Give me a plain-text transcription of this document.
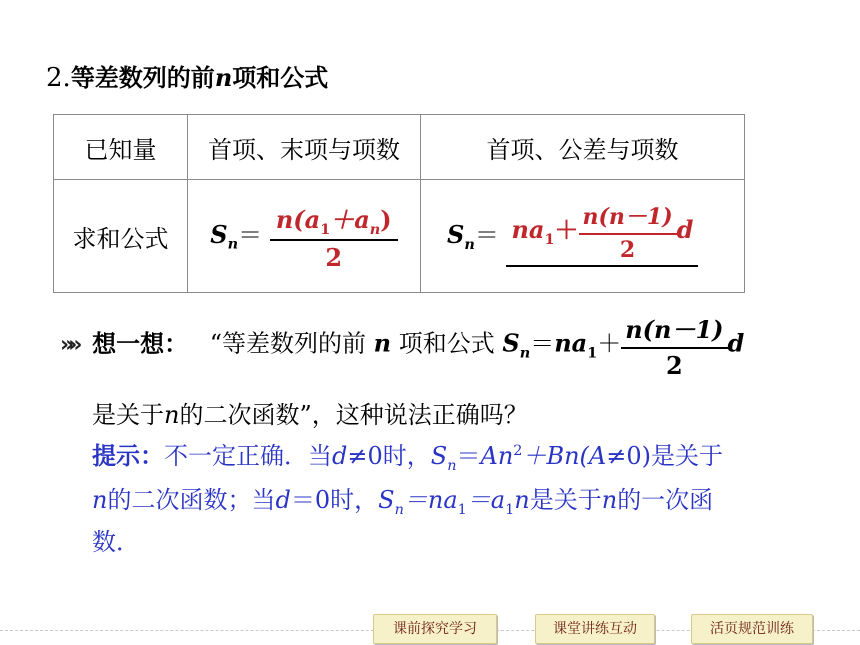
2.等差数列的前n项和公式
已知量	首项、末项与项数	首项、公差与项数
求和公式	$S_n= \frac{n(a_1+a_n)}{2}$	$S_n= na_1+ \frac{n(n-1)}{2}$ d
»» 想一想： “等差数列的前 n 项和公式 $S_n=na_1+ \frac{n(n-1)}{2}$ d
是关于n的二次函数”，这种说法正确吗？
提示：不一定正确．当d≠0时，$S_n=An^2+Bn(A\ne 0)$是关于
n的二次函数；当d＝0时，$S_n=na_1=a_1n$是关于n的一次函
数．
课前探究学习	课堂讲练互动	活页规范训练
